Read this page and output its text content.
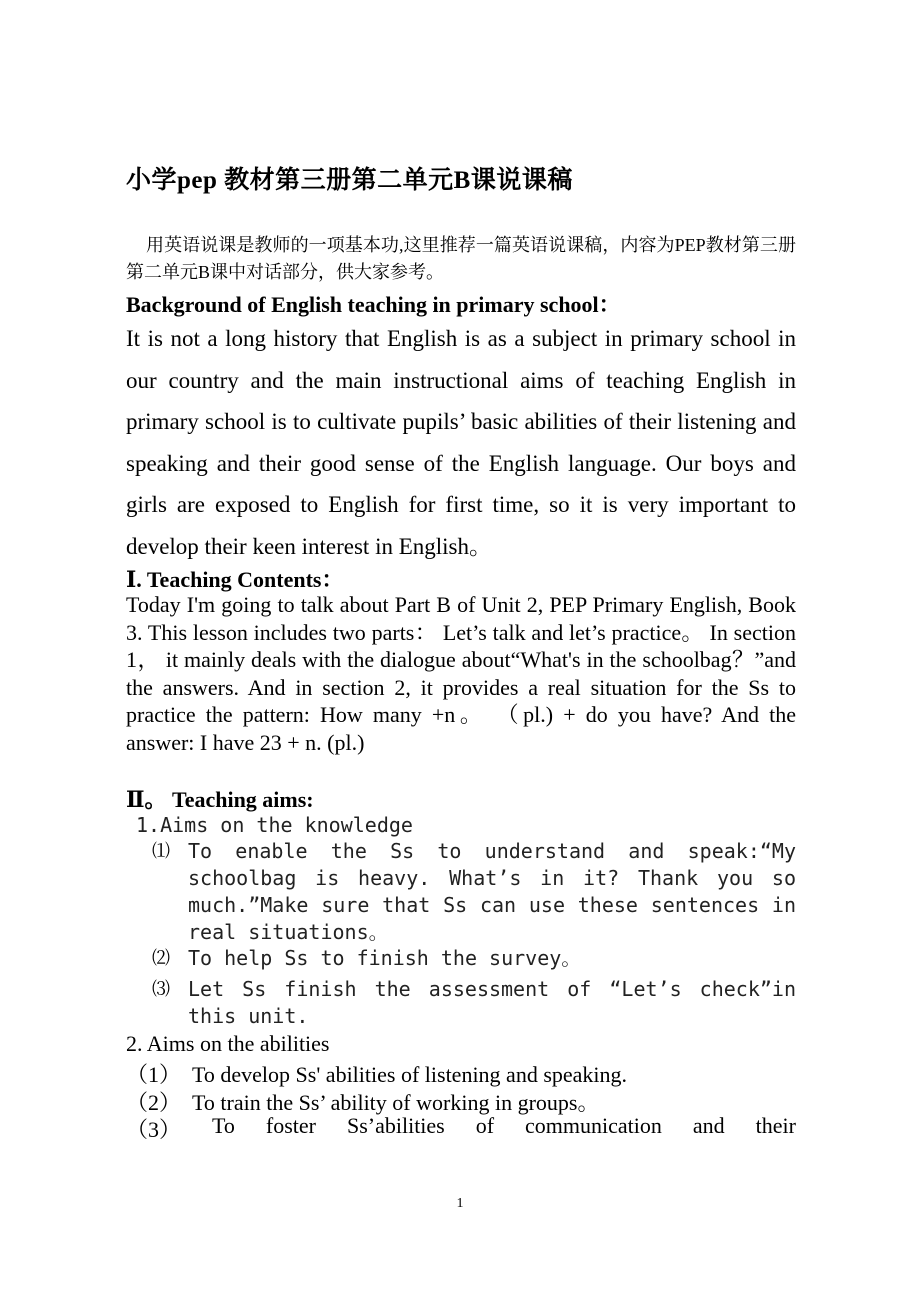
小学pep 教材第三册第二单元B课说课稿
用英语说课是教师的一项基本功,这里推荐一篇英语说课稿，内容为PEP教材第三册第二单元B课中对话部分，供大家参考。
Background of English teaching in primary school：
It is not a long history that English is as a subject in primary school in our country and the main instructional aims of teaching English in primary school is to cultivate pupils’ basic abilities of their listening and speaking and their good sense of the English language. Our boys and girls are exposed to English for first time, so it is very important to develop their keen interest in English。
Ⅰ. Teaching Contents：
Today I'm going to talk about Part B of Unit 2, PEP Primary English, Book 3. This lesson includes two parts： Let’s talk and let’s practice。 In section 1， it mainly deals with the dialogue about“What's in the schoolbag？”and the answers. And in section 2, it provides a real situation for the Ss to practice the pattern: How many +n。 （pl.) + do you have? And the answer: I have 23 + n. (pl.)
Ⅱ。 Teaching aims:
1.Aims on the knowledge
⑴ To enable the Ss to understand and speak:“My schoolbag is heavy. What’s in it? Thank you so much.”Make sure that Ss can use these sentences in real situations。
⑵ To help Ss to finish the survey。
⑶ Let Ss finish the assessment of “Let’s check”in this unit.
2. Aims on the abilities
（1） To develop Ss' abilities of listening and speaking.
（2） To train the Ss’ ability of working in groups。
（3） To foster Ss’abilities of communication and their
1
